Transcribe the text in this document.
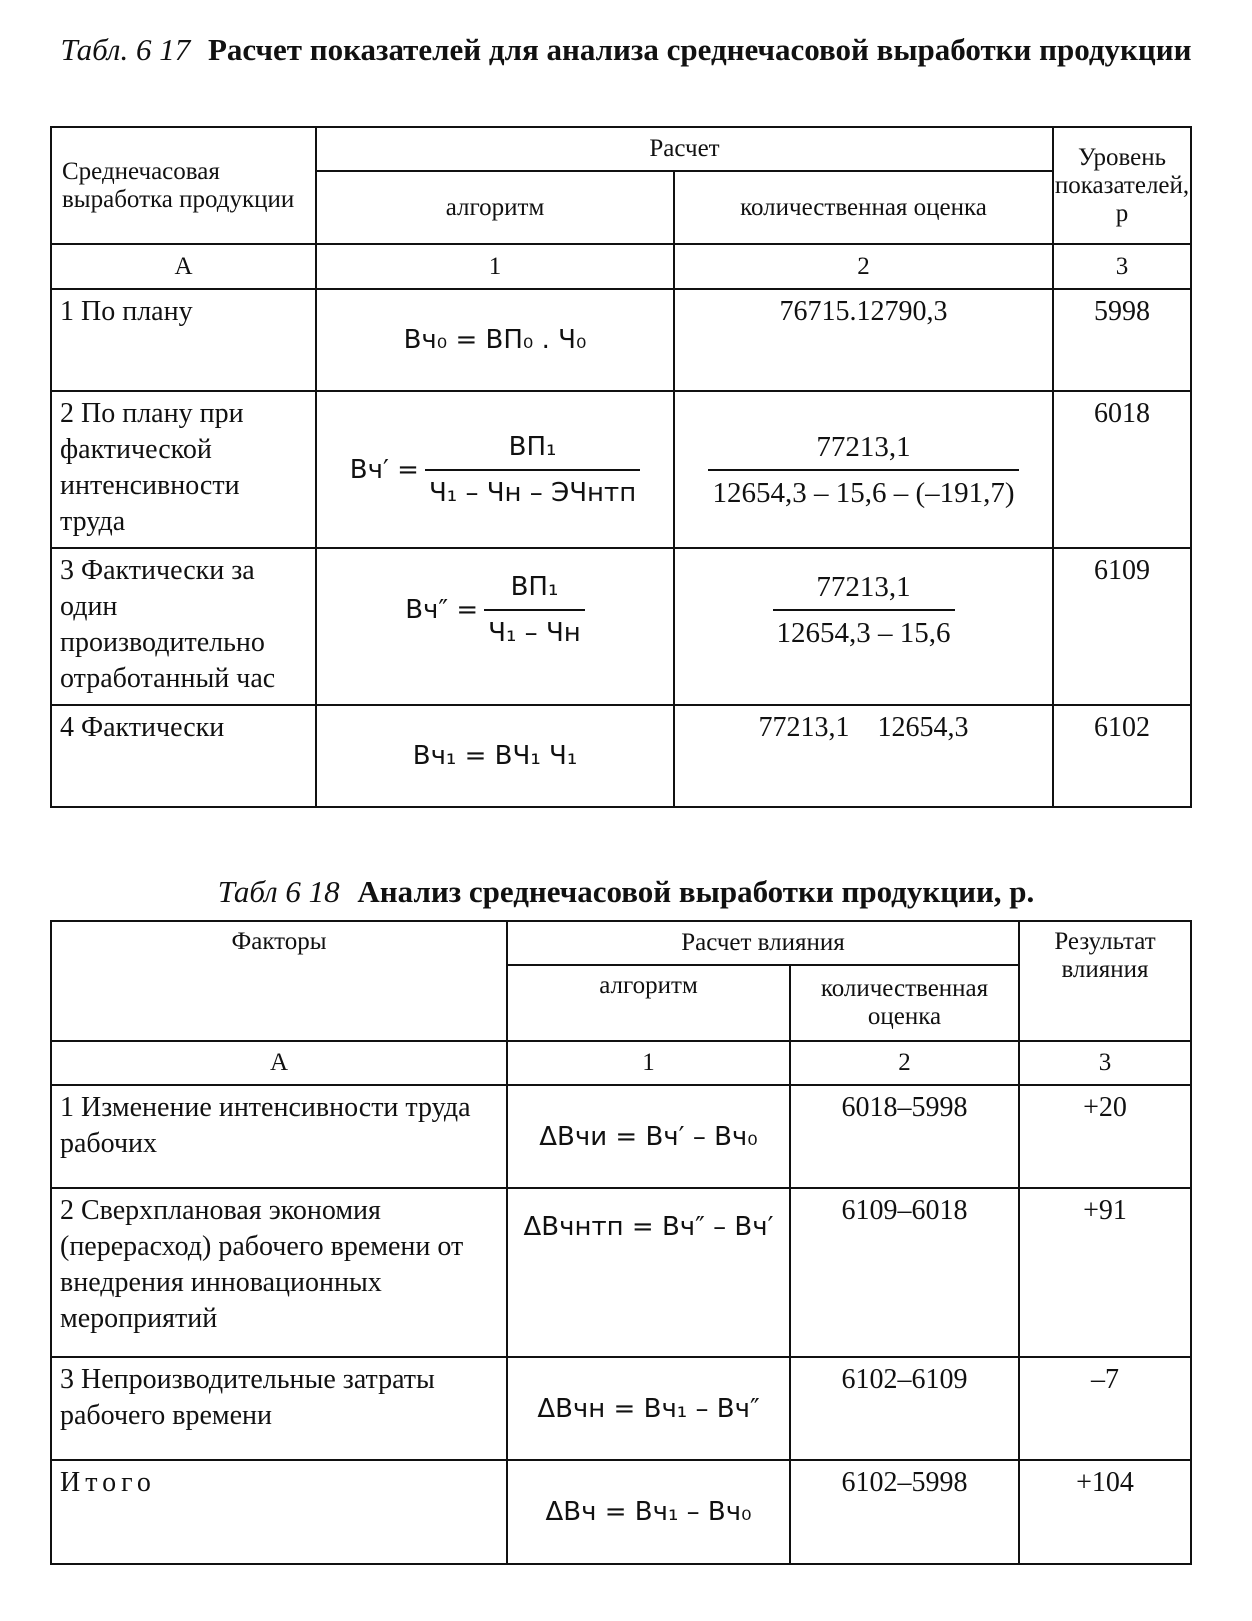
Табл. 6 17 Расчет показателей для анализа среднечасовой выработки продукции
Среднечасовая выработка продукции	Расчет		Уровень показателей, р
	алгоритм	количественная оценка	
А	1	2	3
1 По плану	Вч₀ = ВП₀ . Ч₀	76715.12790,3	5998
2 По плану при фактической интенсивности труда	$Вч' = \frac{\text{ВП₁}}{\text{Ч₁ – Чн – ЭЧнтп}}$	$\frac{77213,1}{12654,3 - 15,6 - (-191,7)}$	6018
3 Фактически за один производительно отработанный час	$Вч'' = \frac{\text{ВП₁}}{\text{Ч₁ – Чн}}$	$\frac{77213,1}{12654,3 - 15,6}$	6109
4 Фактически	Вч₁ = ВЧ₁ Ч₁	77213,1    12654,3	6102
Табл 6 18 Анализ среднечасовой выработки продукции, р.
Факторы	Расчет влияния		Результат влияния
	алгоритм	количественная оценка	
А	1	2	3
1 Изменение интенсивности труда рабочих	ΔВчи = Вч′ – Вч₀	6018–5998	+20
2 Сверхплановая экономия (перерасход) рабочего времени от внедрения инновационных мероприятий	ΔВчнтп = Вч″ – Вч′	6109–6018	+91
3 Непроизводительные затраты рабочего времени	ΔВчн = Вч₁ – Вч″	6102–6109	–7
Итого	ΔВч = Вч₁ – Вч₀	6102–5998	+104
